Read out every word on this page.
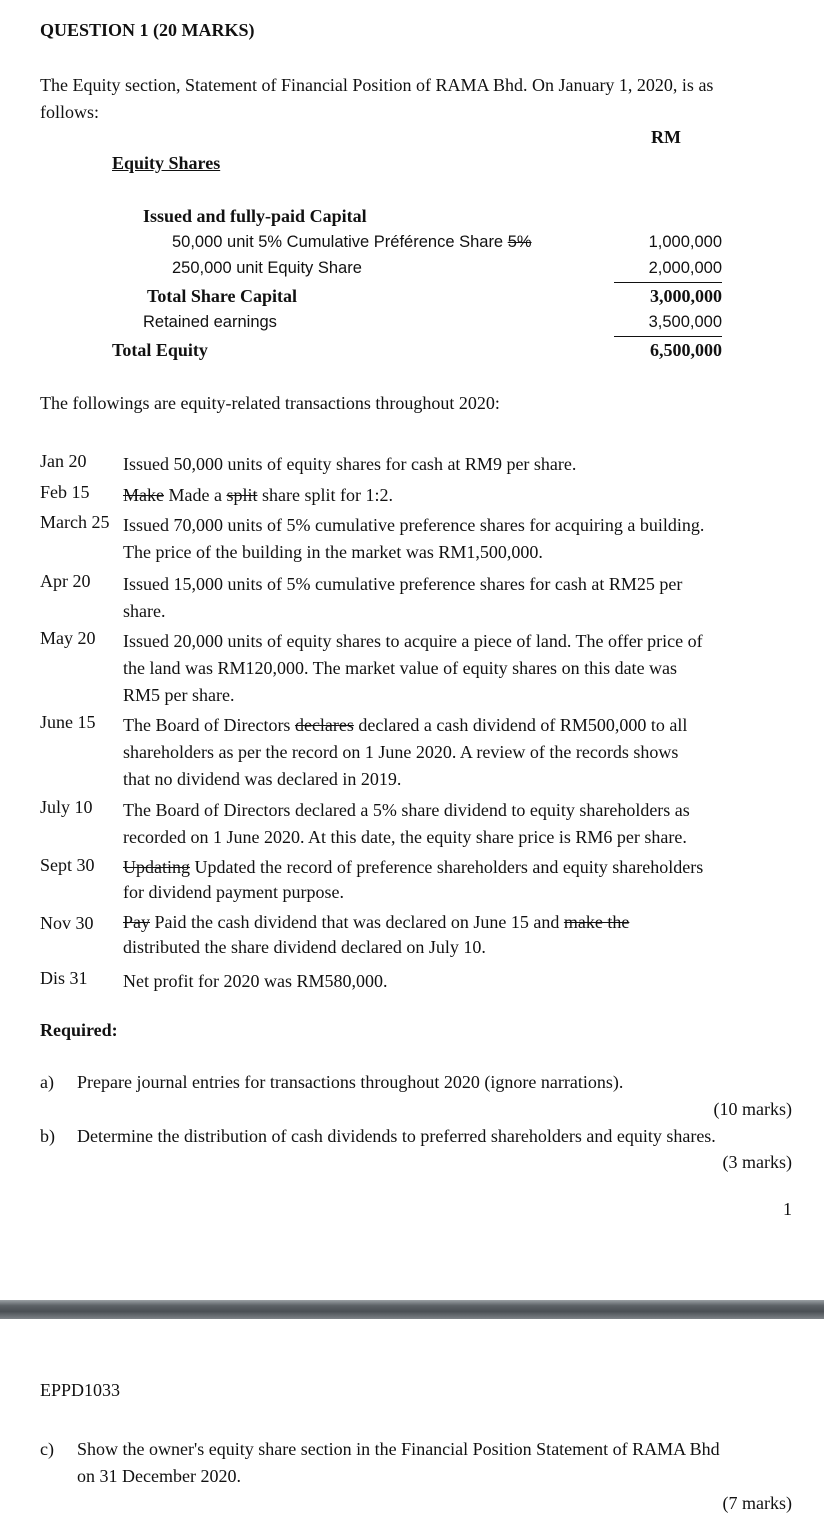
QUESTION 1 (20 MARKS)
The Equity section, Statement of Financial Position of RAMA Bhd. On January 1, 2020, is as
follows:
RM
Equity Shares
Issued and fully-paid Capital
50,000 unit 5% Cumulative Préférence Share 5%	1,000,000
250,000 unit Equity Share	2,000,000
Total Share Capital	3,000,000
Retained earnings	3,500,000
Total Equity	6,500,000
The followings are equity-related transactions throughout 2020:
Jan 20 Issued 50,000 units of equity shares for cash at RM9 per share.
Feb 15 Make Made a split share split for 1:2.
March 25 Issued 70,000 units of 5% cumulative preference shares for acquiring a building.
The price of the building in the market was RM1,500,000.
Apr 20 Issued 15,000 units of 5% cumulative preference shares for cash at RM25 per
share.
May 20 Issued 20,000 units of equity shares to acquire a piece of land. The offer price of
the land was RM120,000. The market value of equity shares on this date was
RM5 per share.
June 15 The Board of Directors declares declared a cash dividend of RM500,000 to all
shareholders as per the record on 1 June 2020. A review of the records shows
that no dividend was declared in 2019.
July 10 The Board of Directors declared a 5% share dividend to equity shareholders as
recorded on 1 June 2020. At this date, the equity share price is RM6 per share.
Sept 30 Updating Updated the record of preference shareholders and equity shareholders
for dividend payment purpose.
Nov 30 Pay Paid the cash dividend that was declared on June 15 and make the
distributed the share dividend declared on July 10.
Dis 31 Net profit for 2020 was RM580,000.
Required:
a) Prepare journal entries for transactions throughout 2020 (ignore narrations).
(10 marks)
b) Determine the distribution of cash dividends to preferred shareholders and equity shares.
(3 marks)
1
EPPD1033
c) Show the owner's equity share section in the Financial Position Statement of RAMA Bhd
on 31 December 2020.
(7 marks)
